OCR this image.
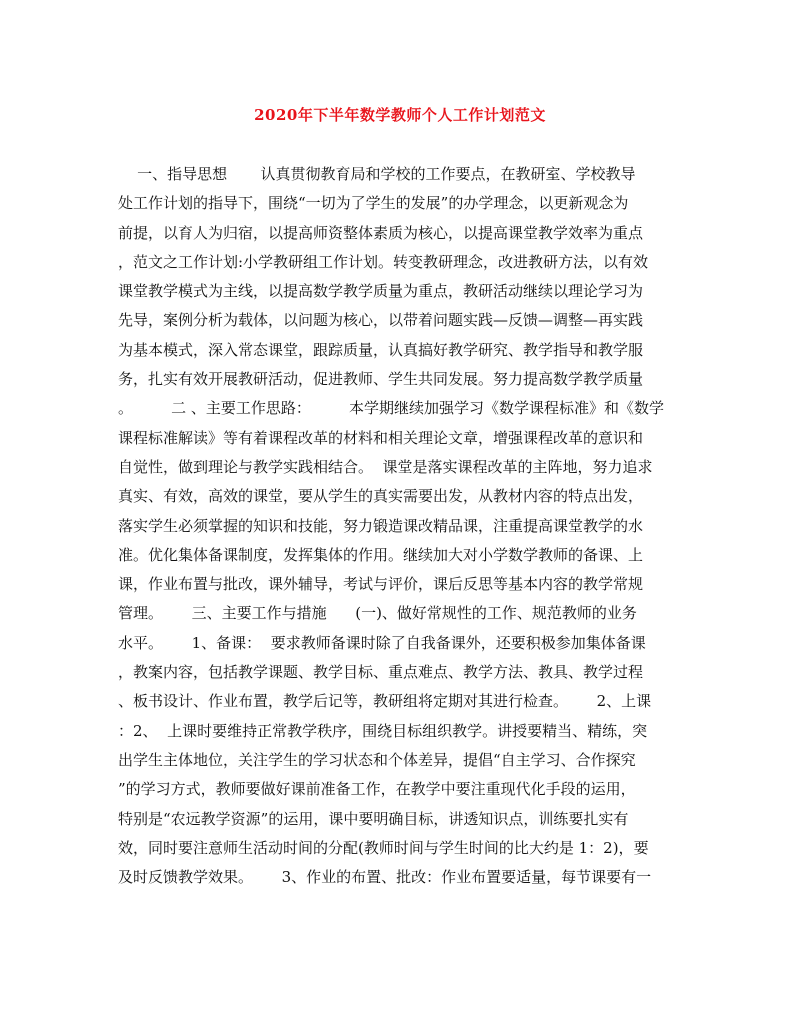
2020年下半年数学教师个人工作计划范文
一、指导思想       认真贯彻教育局和学校的工作要点，在教研室、学校教导
处工作计划的指导下，围绕“一切为了学生的发展”的办学理念，以更新观念为
前提，以育人为归宿，以提高师资整体素质为核心，以提高课堂教学效率为重点
，范文之工作计划:小学教研组工作计划。转变教研理念，改进教研方法，以有效
课堂教学模式为主线，以提高数学教学质量为重点，教研活动继续以理论学习为
先导，案例分析为载体，以问题为核心，以带着问题实践—反馈—调整—再实践
为基本模式，深入常态课堂，跟踪质量，认真搞好教学研究、教学指导和教学服
务，扎实有效开展教研活动，促进教师、学生共同发展。努力提高数学教学质量
。        二 、主要工作思路：        本学期继续加强学习《数学课程标准》和《数学
课程标准解读》等有着课程改革的材料和相关理论文章，增强课程改革的意识和
自觉性，做到理论与教学实践相结合。  课堂是落实课程改革的主阵地，努力追求
真实、有效，高效的课堂，要从学生的真实需要出发，从教材内容的特点出发，
落实学生必须掌握的知识和技能，努力锻造课改精品课，注重提高课堂教学的水
准。优化集体备课制度，发挥集体的作用。继续加大对小学数学教师的备课、上
课，作业布置与批改，课外辅导，考试与评价，课后反思等基本内容的教学常规
管理。      三、主要工作与措施      (一)、做好常规性的工作、规范教师的业务
水平。      1、备课：  要求教师备课时除了自我备课外，还要积极参加集体备课
，教案内容，包括教学课题、教学目标、重点难点、教学方法、教具、教学过程
、板书设计、作业布置，教学后记等，教研组将定期对其进行检查。      2、上课
：2、  上课时要维持正常教学秩序，围绕目标组织教学。讲授要精当、精练，突
出学生主体地位，关注学生的学习状态和个体差异，提倡“自主学习、合作探究
”的学习方式，教师要做好课前准备工作，在教学中要注重现代化手段的运用，
特别是“农远教学资源”的运用，课中要明确目标，讲透知识点，训练要扎实有
效，同时要注意师生活动时间的分配(教师时间与学生时间的比大约是 1：2)，要
及时反馈教学效果。      3、作业的布置、批改：作业布置要适量，每节课要有一
